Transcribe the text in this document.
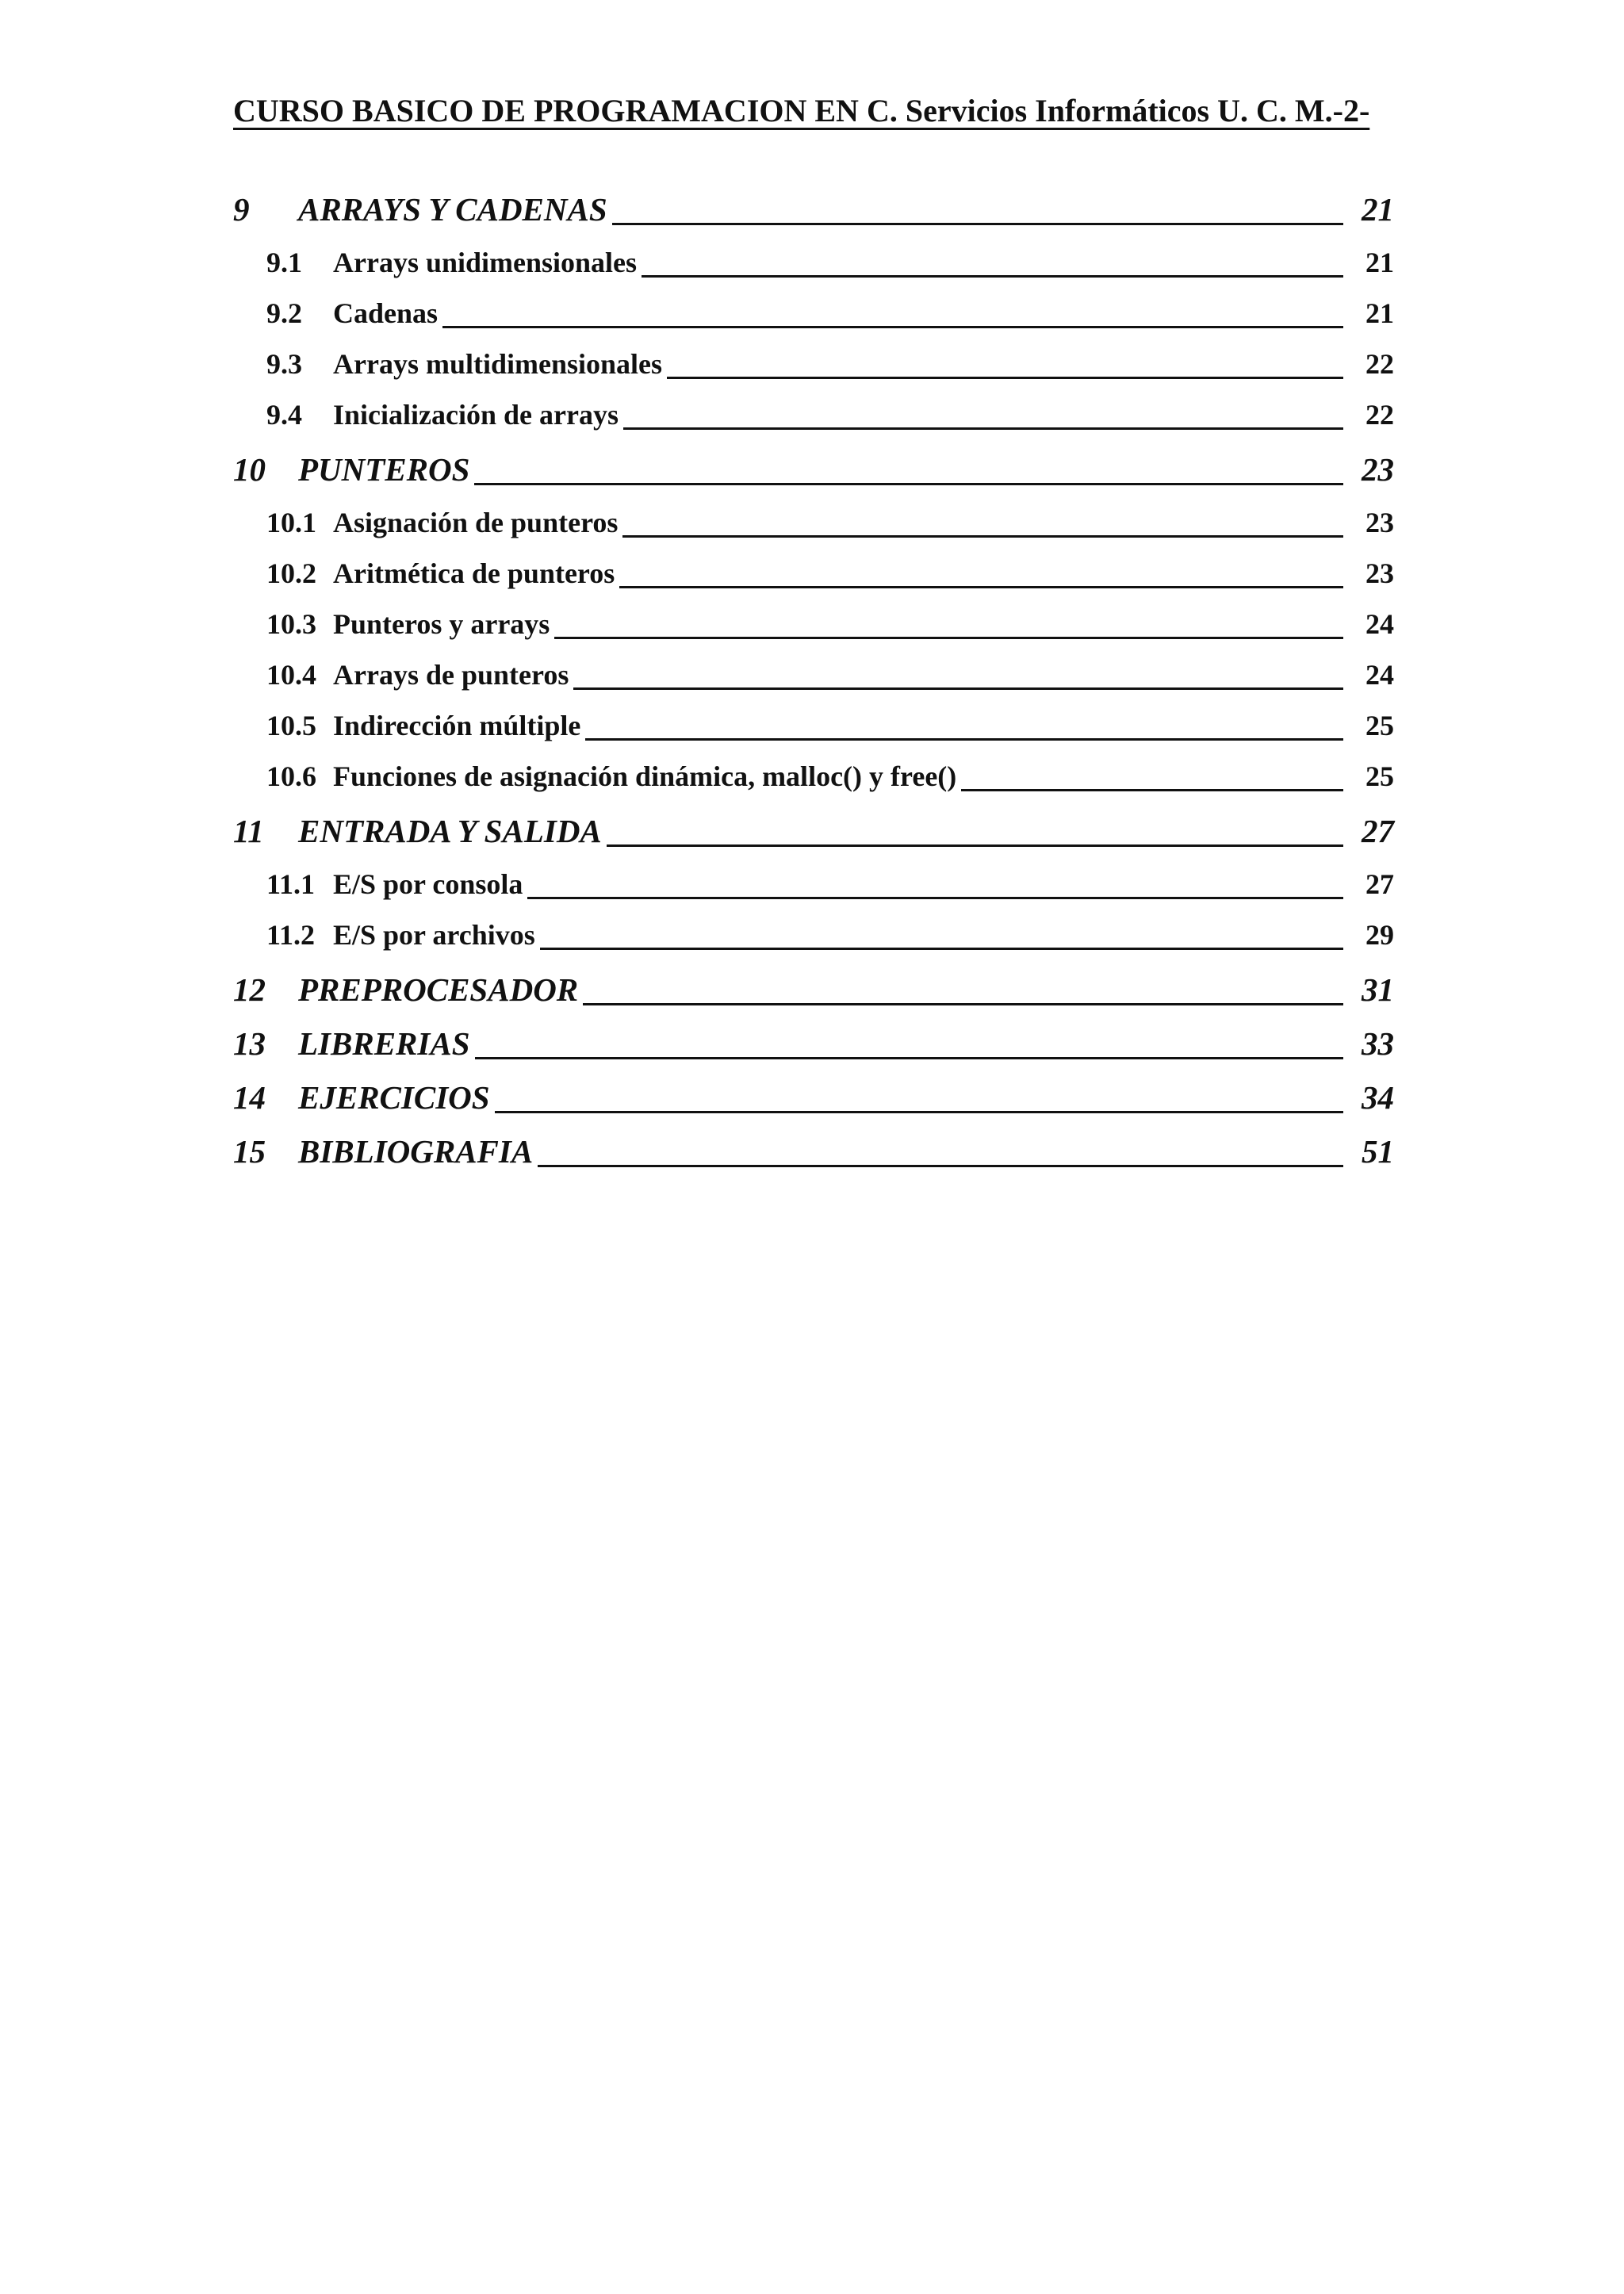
CURSO BASICO DE PROGRAMACION EN C. Servicios Informáticos U. C. M.-2-
9	ARRAYS Y CADENAS	21
9.1	Arrays unidimensionales	21
9.2	Cadenas	21
9.3	Arrays multidimensionales	22
9.4	Inicialización de arrays	22
10	PUNTEROS	23
10.1 Asignación de punteros	23
10.2 Aritmética de punteros	23
10.3 Punteros y arrays	24
10.4 Arrays de punteros	24
10.5 Indirección múltiple	25
10.6 Funciones de asignación dinámica, malloc() y free()	25
11	ENTRADA Y SALIDA	27
11.1 E/S por consola	27
11.2 E/S por archivos	29
12	PREPROCESADOR	31
13	LIBRERIAS	33
14	EJERCICIOS	34
15	BIBLIOGRAFIA	51
